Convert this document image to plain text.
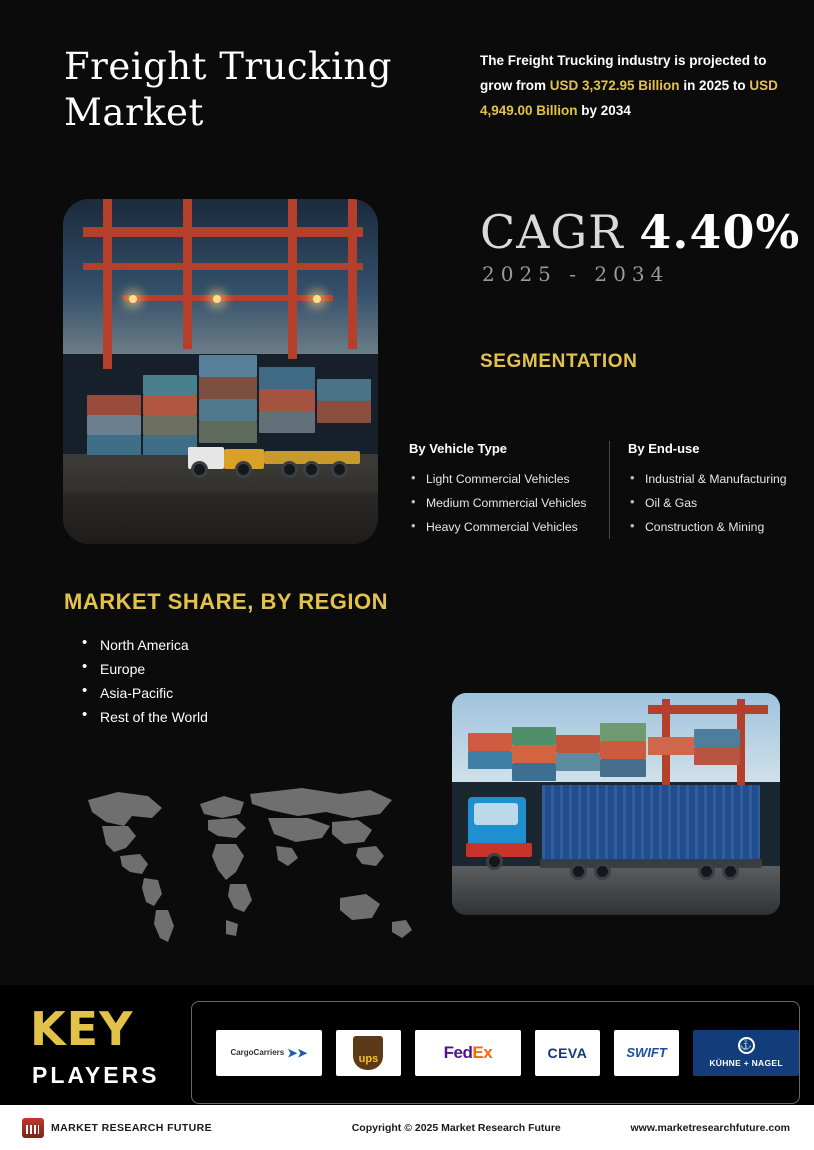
Freight Trucking Market
The Freight Trucking industry is projected to grow from USD 3,372.95 Billion in 2025 to USD 4,949.00 Billion by 2034
CAGR 4.40%
2025 - 2034
SEGMENTATION
By Vehicle Type
• Light Commercial Vehicles
• Medium Commercial Vehicles
• Heavy Commercial Vehicles
By End-use
• Industrial & Manufacturing
• Oil & Gas
• Construction & Mining
MARKET SHARE, BY REGION
• North America
• Europe
• Asia-Pacific
• Rest of the World
KEY
PLAYERS
CargoCarriers ➤➤	ups	FedEx	CEVA	SWIFT	⚓
KÜHNE + NAGEL
MARKET RESEARCH FUTURE	Copyright © 2025 Market Research Future	www.marketresearchfuture.com
